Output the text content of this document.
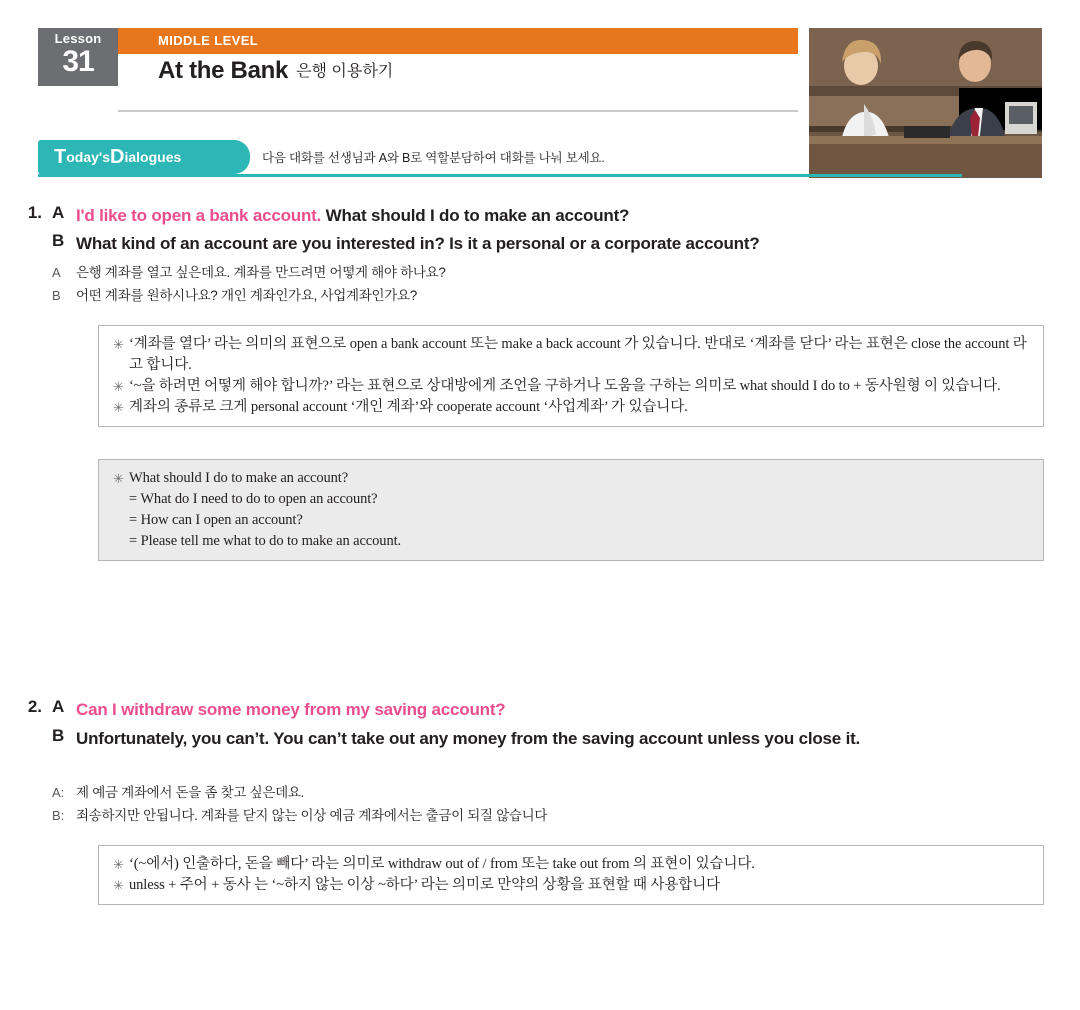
Lesson
31
MIDDLE LEVEL
At the Bank 은행 이용하기
T oday's D ialogues	다음 대화를 선생님과 A와 B로 역할분담하여 대화를 나눠 보세요.
1. A I'd like to open a bank account. What should I do to make an account?
B What kind of an account are you interested in? Is it a personal or a corporate account?
A 은행 계좌를 열고 싶은데요. 계좌를 만드려면 어떻게 해야 하나요?
B 어떤 계좌를 원하시나요? 개인 계좌인가요, 사업계좌인가요?
✳ ‘계좌를 열다’ 라는 의미의 표현으로 open a bank account 또는 make a back account 가 있습니다. 반대로 ‘계좌를 닫다’ 라는 표현은 close the account 라고 합니다.
✳ ‘~을 하려면 어떻게 해야 합니까?’ 라는 표현으로 상대방에게 조언을 구하거나 도움을 구하는 의미로 what should I do to + 동사원형 이 있습니다.
✳ 계좌의 종류로 크게 personal account ‘개인 계좌’와 cooperate account ‘사업계좌’ 가 있습니다.
✳ What should I do to make an account?
= What do I need to do to open an account?
= How can I open an account?
= Please tell me what to do to make an account.
2. A Can I withdraw some money from my saving account?
B Unfortunately, you can’t. You can’t take out any money from the saving account unless you close it.
A: 제 예금 계좌에서 돈을 좀 찾고 싶은데요.
B: 죄송하지만 안됩니다. 계좌를 닫지 않는 이상 예금 계좌에서는 출금이 되질 않습니다
✳ ‘(~에서) 인출하다, 돈을 빼다’ 라는 의미로 withdraw out of / from 또는 take out from 의 표현이 있습니다.
✳ unless + 주어 + 동사 는 ‘~하지 않는 이상 ~하다’ 라는 의미로 만약의 상황을 표현할 때 사용합니다
